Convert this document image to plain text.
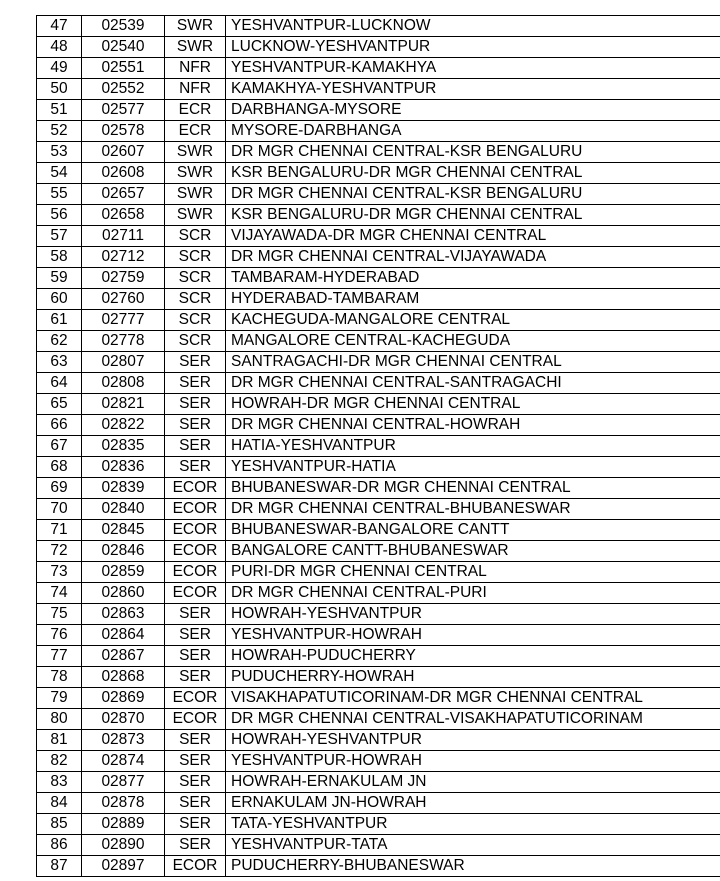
47	02539	SWR	YESHVANTPUR-LUCKNOW
48	02540	SWR	LUCKNOW-YESHVANTPUR
49	02551	NFR	YESHVANTPUR-KAMAKHYA
50	02552	NFR	KAMAKHYA-YESHVANTPUR
51	02577	ECR	DARBHANGA-MYSORE
52	02578	ECR	MYSORE-DARBHANGA
53	02607	SWR	DR MGR CHENNAI CENTRAL-KSR BENGALURU
54	02608	SWR	KSR BENGALURU-DR MGR CHENNAI CENTRAL
55	02657	SWR	DR MGR CHENNAI CENTRAL-KSR BENGALURU
56	02658	SWR	KSR BENGALURU-DR MGR CHENNAI CENTRAL
57	02711	SCR	VIJAYAWADA-DR MGR CHENNAI CENTRAL
58	02712	SCR	DR MGR CHENNAI CENTRAL-VIJAYAWADA
59	02759	SCR	TAMBARAM-HYDERABAD
60	02760	SCR	HYDERABAD-TAMBARAM
61	02777	SCR	KACHEGUDA-MANGALORE CENTRAL
62	02778	SCR	MANGALORE CENTRAL-KACHEGUDA
63	02807	SER	SANTRAGACHI-DR MGR CHENNAI CENTRAL
64	02808	SER	DR MGR CHENNAI CENTRAL-SANTRAGACHI
65	02821	SER	HOWRAH-DR MGR CHENNAI CENTRAL
66	02822	SER	DR MGR CHENNAI CENTRAL-HOWRAH
67	02835	SER	HATIA-YESHVANTPUR
68	02836	SER	YESHVANTPUR-HATIA
69	02839	ECOR	BHUBANESWAR-DR MGR CHENNAI CENTRAL
70	02840	ECOR	DR MGR CHENNAI CENTRAL-BHUBANESWAR
71	02845	ECOR	BHUBANESWAR-BANGALORE CANTT
72	02846	ECOR	BANGALORE CANTT-BHUBANESWAR
73	02859	ECOR	PURI-DR MGR CHENNAI CENTRAL
74	02860	ECOR	DR MGR CHENNAI CENTRAL-PURI
75	02863	SER	HOWRAH-YESHVANTPUR
76	02864	SER	YESHVANTPUR-HOWRAH
77	02867	SER	HOWRAH-PUDUCHERRY
78	02868	SER	PUDUCHERRY-HOWRAH
79	02869	ECOR	VISAKHAPATUTICORINAM-DR MGR CHENNAI CENTRAL
80	02870	ECOR	DR MGR CHENNAI CENTRAL-VISAKHAPATUTICORINAM
81	02873	SER	HOWRAH-YESHVANTPUR
82	02874	SER	YESHVANTPUR-HOWRAH
83	02877	SER	HOWRAH-ERNAKULAM JN
84	02878	SER	ERNAKULAM JN-HOWRAH
85	02889	SER	TATA-YESHVANTPUR
86	02890	SER	YESHVANTPUR-TATA
87	02897	ECOR	PUDUCHERRY-BHUBANESWAR
